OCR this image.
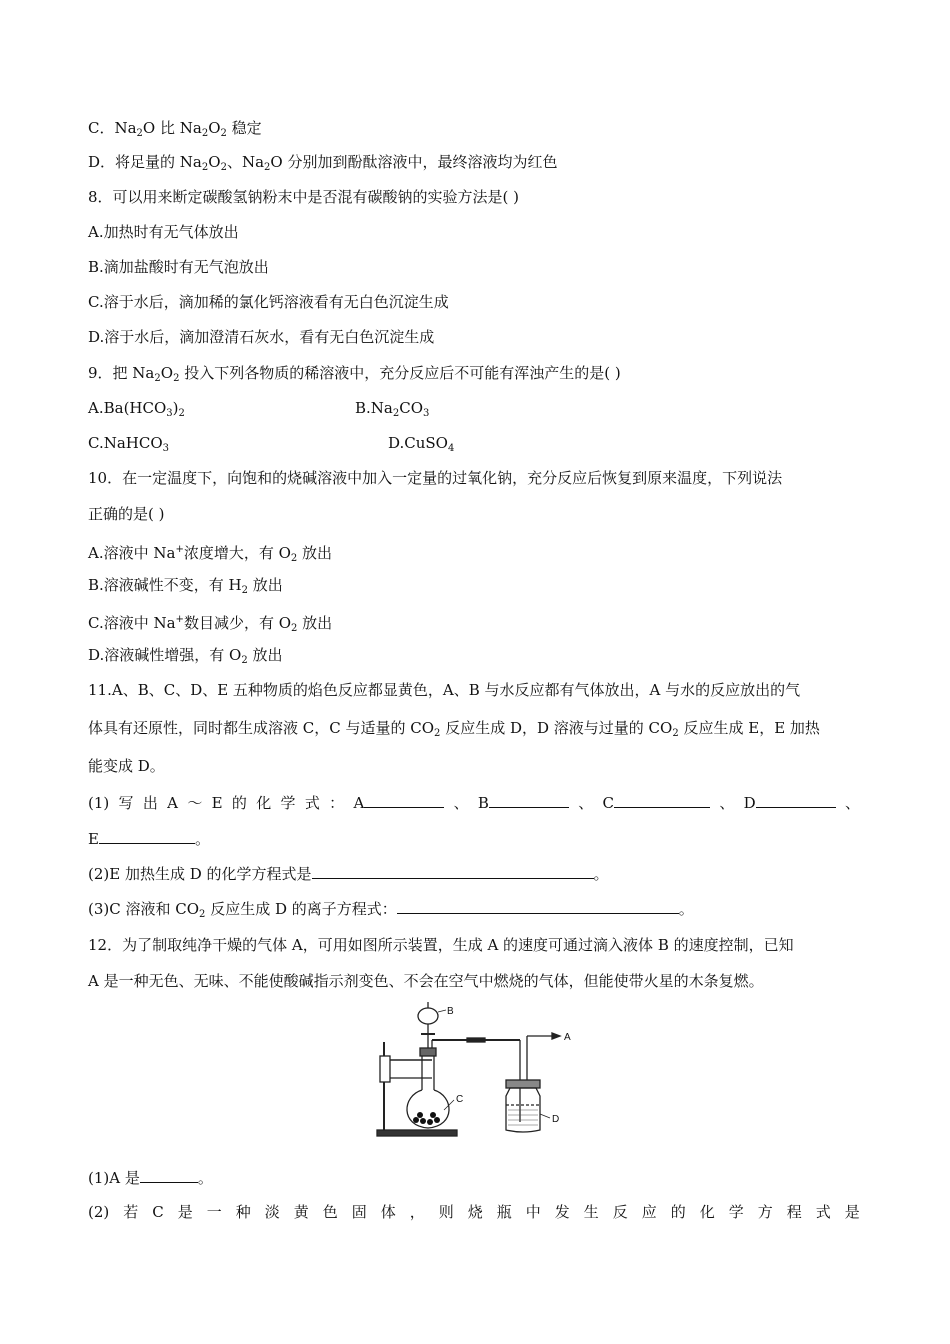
C．$Na_2O$ 比 $Na_2O_2$ 稳定
D．将足量的 $Na_2O_2$、$Na_2O$ 分别加到酚酞溶液中，最终溶液均为红色
8．可以用来断定碳酸氢钠粉末中是否混有碳酸钠的实验方法是( )
A.加热时有无气体放出
B.滴加盐酸时有无气泡放出
C.溶于水后，滴加稀的氯化钙溶液看有无白色沉淀生成
D.溶于水后，滴加澄清石灰水，看有无白色沉淀生成
9．把 $Na_2O_2$ 投入下列各物质的稀溶液中，充分反应后不可能有浑浊产生的是( )
$A.Ba(HCO_3)_2$	$B.Na_2CO_3$
C.NaHCO$_3$	D.CuSO$_4$
10．在一定温度下，向饱和的烧碱溶液中加入一定量的过氧化钠，充分反应后恢复到原来温度，下列说法
正确的是( )
A.溶液中 Na+浓度增大，有 $O_2$ 放出
B.溶液碱性不变，有 $H_2$ 放出
C.溶液中 Na+数目减少，有 $O_2$ 放出
D.溶液碱性增强，有 $O_2$ 放出
11.A、B、C、D、E 五种物质的焰色反应都显黄色，A、B 与水反应都有气体放出，A 与水的反应放出的气
体具有还原性，同时都生成溶液 C，C 与适量的 $CO_2$ 反应生成 D，D 溶液与过量的 $CO_2$ 反应生成 E，E 加热
能变成 D。
(1) 写 出 A ～ E 的 化 学 式 ： A	、 B	、 C	、 D	、
E	。
(2)E 加热生成 D 的化学方程式是	。
(3)C 溶液和 $CO_2$ 反应生成 D 的离子方程式：	。
12．为了制取纯净干燥的气体 A，可用如图所示装置，生成 A 的速度可通过滴入液体 B 的速度控制，已知
A 是一种无色、无味、不能使酸碱指示剂变色、不会在空气中燃烧的气体，但能使带火星的木条复燃。
B
A
C
D
(1)A 是	。
(2) 若 C 是 一 种 淡 黄 色 固 体 ， 则 烧 瓶 中 发 生 反 应 的 化 学 方 程 式 是
